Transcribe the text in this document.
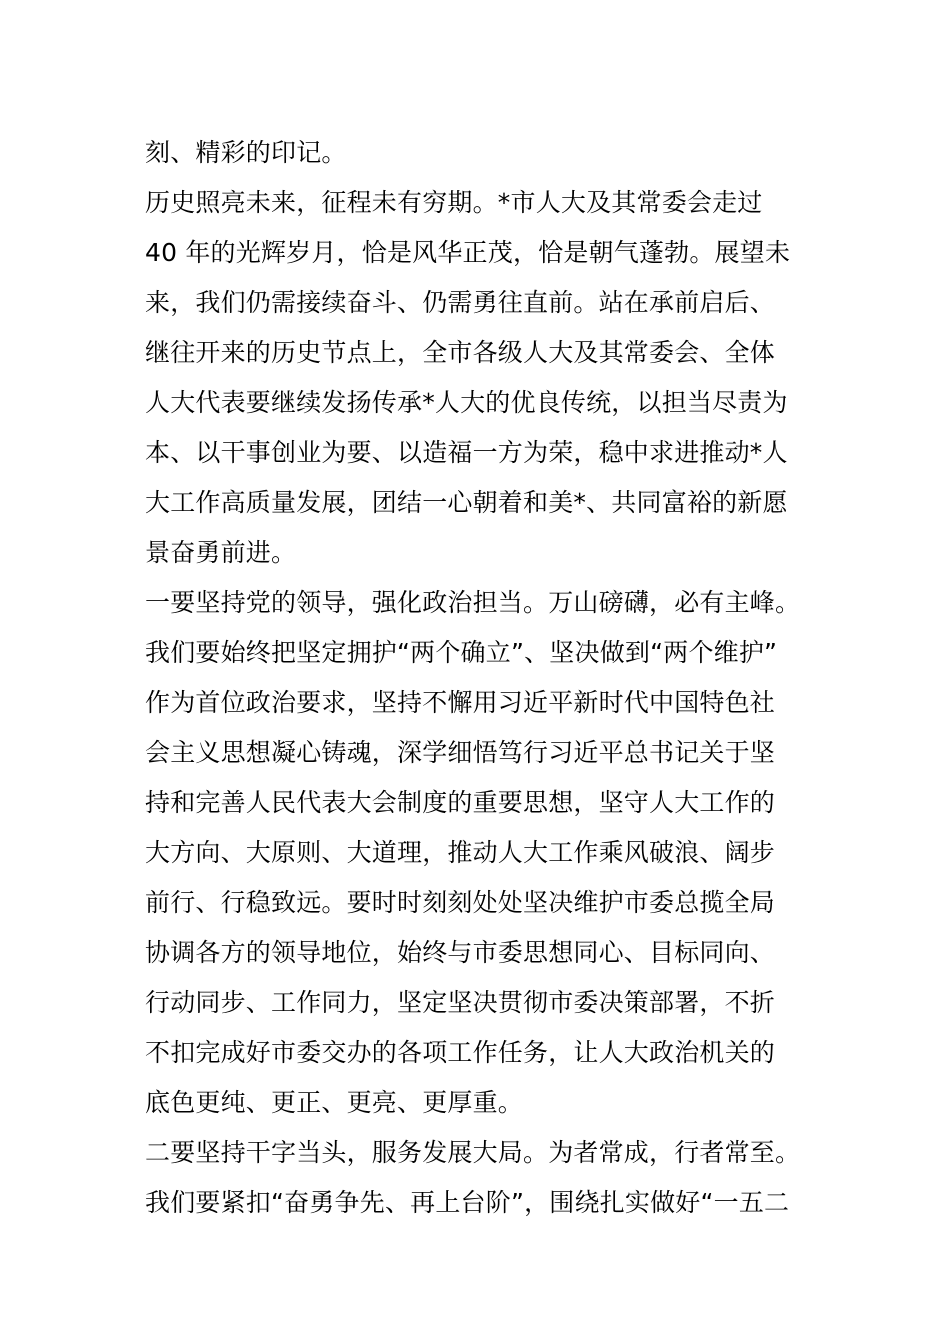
刻、精彩的印记。
历史照亮未来，征程未有穷期。*市人大及其常委会走过
40 年的光辉岁月，恰是风华正茂，恰是朝气蓬勃。展望未
来，我们仍需接续奋斗、仍需勇往直前。站在承前启后、
继往开来的历史节点上，全市各级人大及其常委会、全体
人大代表要继续发扬传承*人大的优良传统，以担当尽责为
本、以干事创业为要、以造福一方为荣，稳中求进推动*人
大工作高质量发展，团结一心朝着和美*、共同富裕的新愿
景奋勇前进。
一要坚持党的领导，强化政治担当。万山磅礴，必有主峰。
我们要始终把坚定拥护“两个确立”、坚决做到“两个维护”
作为首位政治要求，坚持不懈用习近平新时代中国特色社
会主义思想凝心铸魂，深学细悟笃行习近平总书记关于坚
持和完善人民代表大会制度的重要思想，坚守人大工作的
大方向、大原则、大道理，推动人大工作乘风破浪、阔步
前行、行稳致远。要时时刻刻处处坚决维护市委总揽全局
协调各方的领导地位，始终与市委思想同心、目标同向、
行动同步、工作同力，坚定坚决贯彻市委决策部署，不折
不扣完成好市委交办的各项工作任务，让人大政治机关的
底色更纯、更正、更亮、更厚重。
二要坚持干字当头，服务发展大局。为者常成，行者常至。
我们要紧扣“奋勇争先、再上台阶”，围绕扎实做好“一五二
